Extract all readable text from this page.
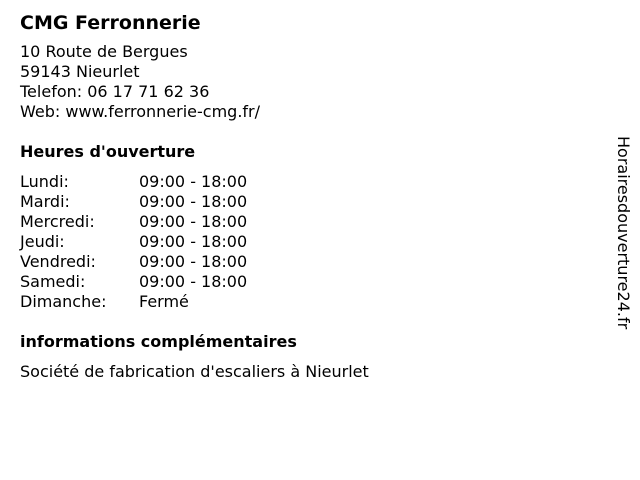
CMG Ferronnerie
10 Route de Bergues
59143 Nieurlet
Telefon: 06 17 71 62 36
Web: www.ferronnerie-cmg.fr/
Heures d'ouverture
Lundi:	09:00 - 18:00
Mardi:	09:00 - 18:00
Mercredi:	09:00 - 18:00
Jeudi:	09:00 - 18:00
Vendredi:	09:00 - 18:00
Samedi:	09:00 - 18:00
Dimanche:	Fermé
informations complémentaires
Société de fabrication d'escaliers à Nieurlet
Horairesdouverture24.fr
